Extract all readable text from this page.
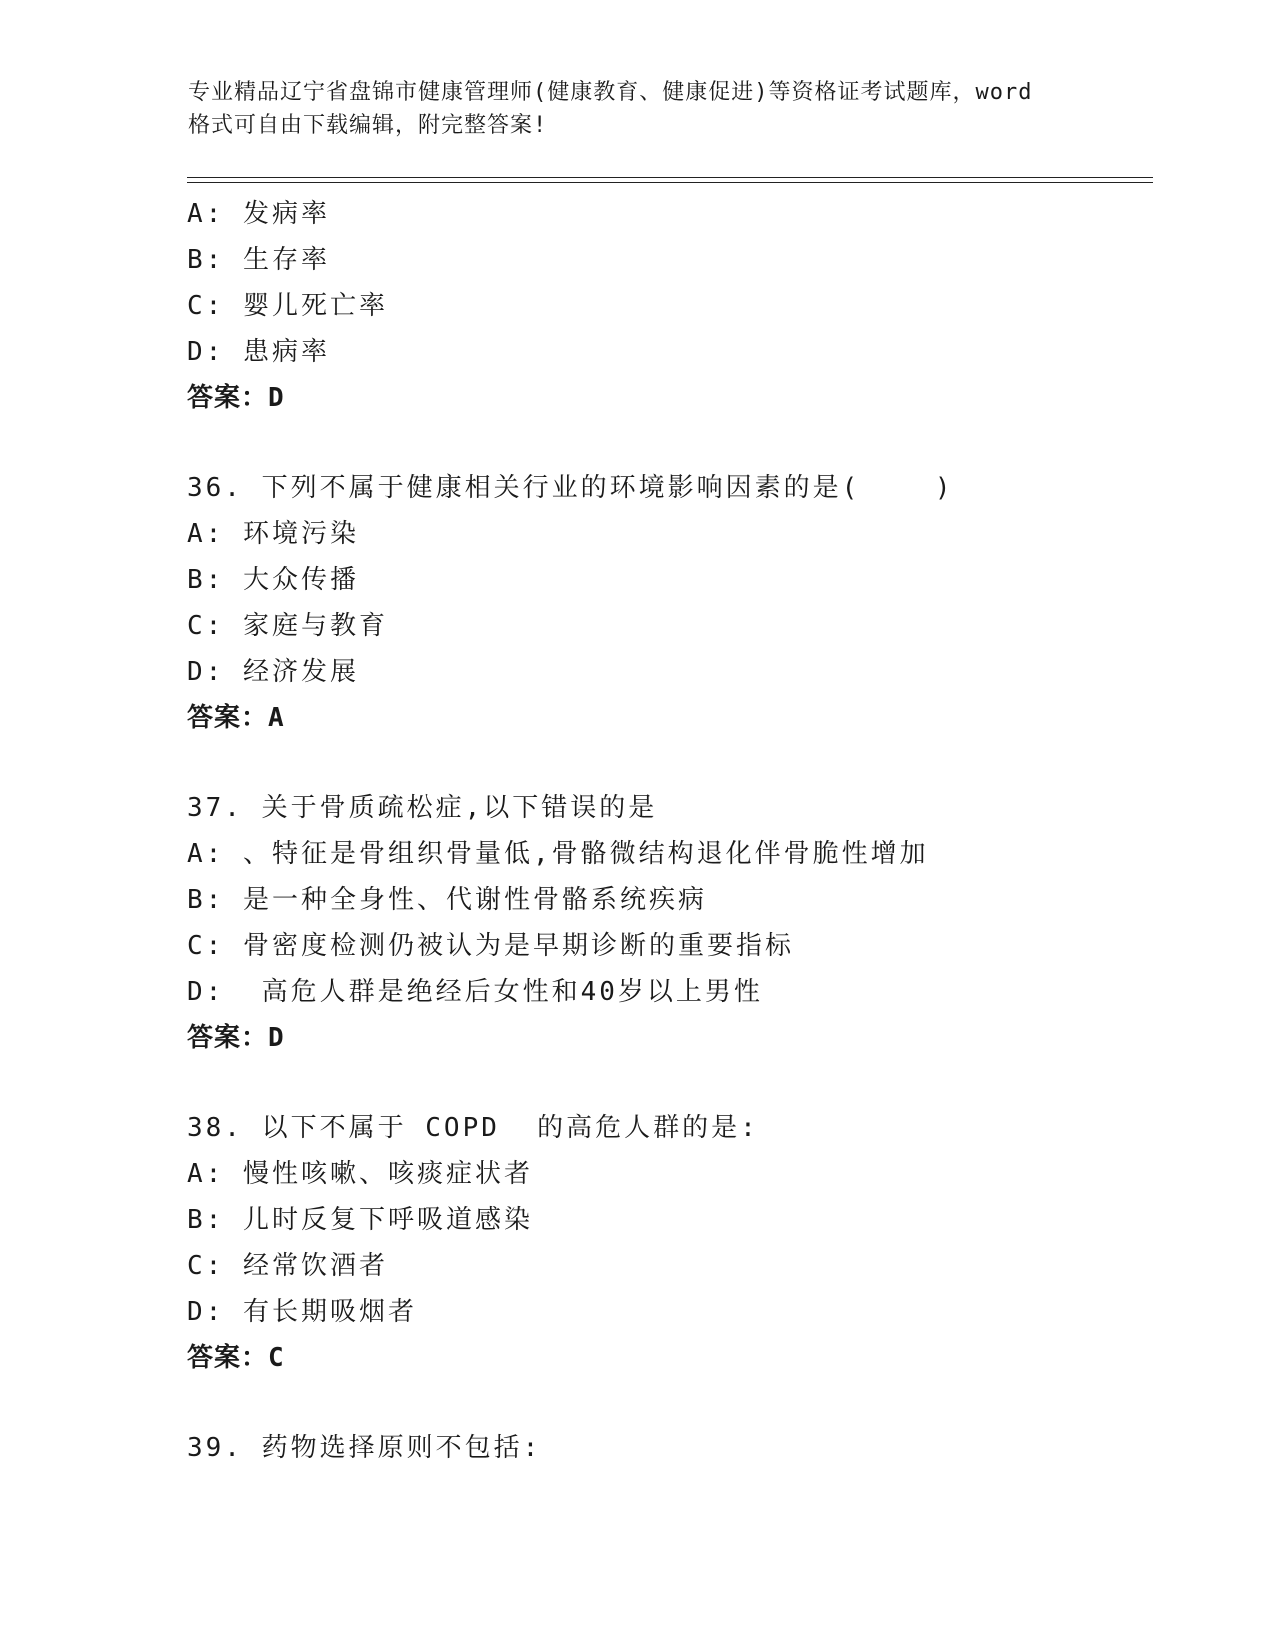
专业精品辽宁省盘锦市健康管理师(健康教育、健康促进)等资格证考试题库，word
格式可自由下载编辑，附完整答案!
A: 发病率
B: 生存率
C: 婴儿死亡率
D: 患病率
答案：D
36. 下列不属于健康相关行业的环境影响因素的是(    )
A: 环境污染
B: 大众传播
C: 家庭与教育
D: 经济发展
答案：A
37. 关于骨质疏松症,以下错误的是
A: 、特征是骨组织骨量低,骨骼微结构退化伴骨脆性增加
B: 是一种全身性、代谢性骨骼系统疾病
C: 骨密度检测仍被认为是早期诊断的重要指标
D:  高危人群是绝经后女性和40岁以上男性
答案：D
38. 以下不属于 COPD  的高危人群的是:
A: 慢性咳嗽、咳痰症状者
B: 儿时反复下呼吸道感染
C: 经常饮酒者
D: 有长期吸烟者
答案：C
39. 药物选择原则不包括:
